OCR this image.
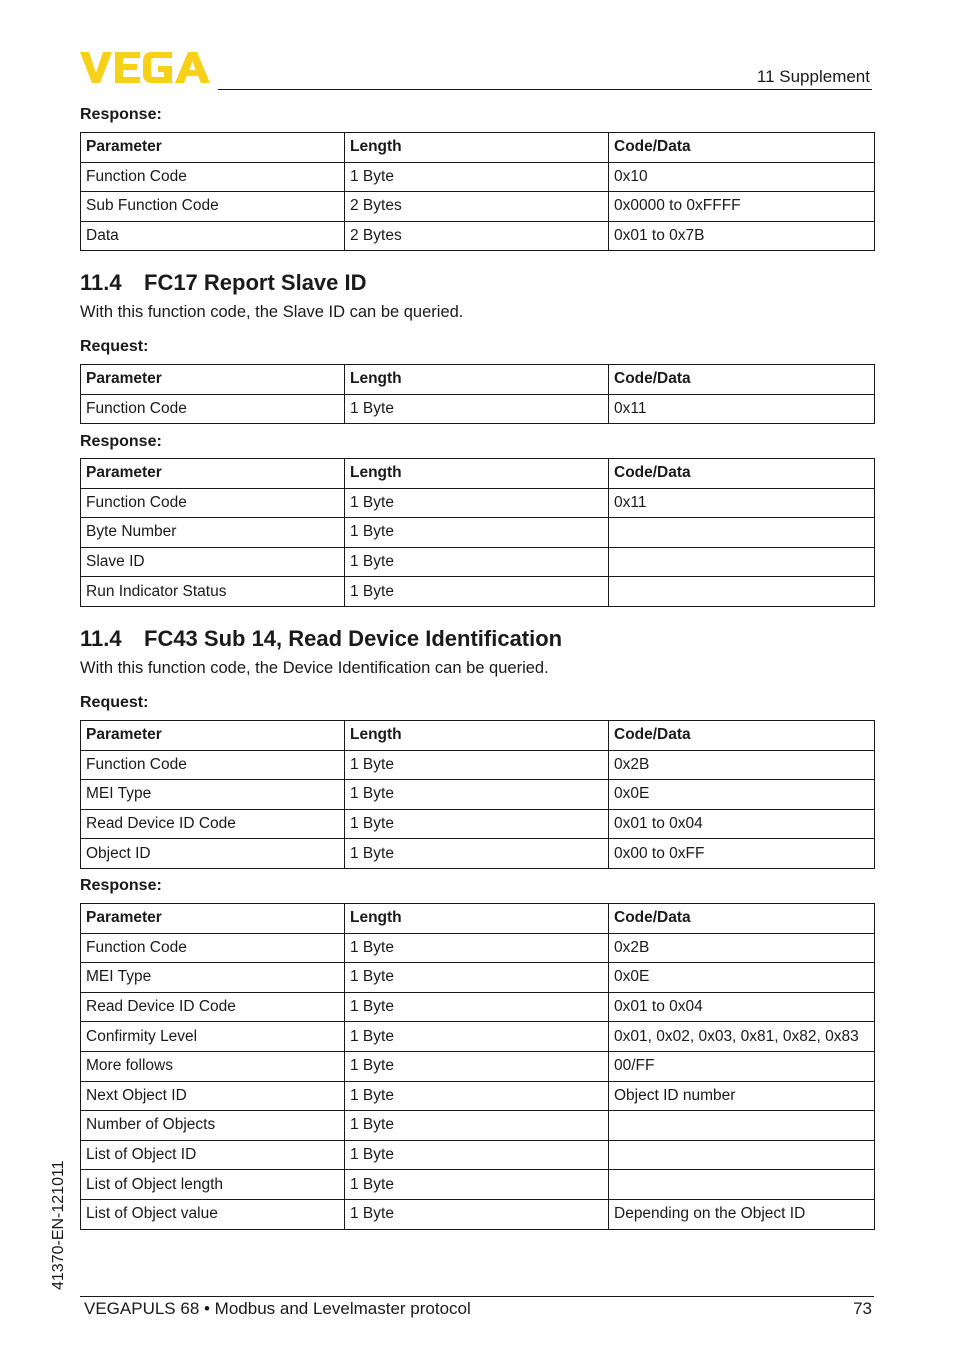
11 Supplement
Response:
Parameter	Length	Code/Data
Function Code	1 Byte	0x10
Sub Function Code	2 Bytes	0x0000 to 0xFFFF
Data	2 Bytes	0x01 to 0x7B
11.4 FC17 Report Slave ID

With this function code, the Slave ID can be queried.

Request:
Parameter	Length	Code/Data
Function Code	1 Byte	0x11
Response:
Parameter	Length	Code/Data
Function Code	1 Byte	0x11
Byte Number	1 Byte	
Slave ID	1 Byte	
Run Indicator Status	1 Byte	
11.4 FC43 Sub 14, Read Device Identification

With this function code, the Device Identification can be queried.

Request:
Parameter	Length	Code/Data
Function Code	1 Byte	0x2B
MEI Type	1 Byte	0x0E
Read Device ID Code	1 Byte	0x01 to 0x04
Object ID	1 Byte	0x00 to 0xFF
Response:
Parameter	Length	Code/Data
Function Code	1 Byte	0x2B
MEI Type	1 Byte	0x0E
Read Device ID Code	1 Byte	0x01 to 0x04
Confirmity Level	1 Byte	0x01, 0x02, 0x03, 0x81, 0x82, 0x83
More follows	1 Byte	00/FF
Next Object ID	1 Byte	Object ID number
Number of Objects	1 Byte	
List of Object ID	1 Byte	
List of Object length	1 Byte	
List of Object value	1 Byte	Depending on the Object ID
41370-EN-121011
VEGAPULS 68 • Modbus and Levelmaster protocol	73
